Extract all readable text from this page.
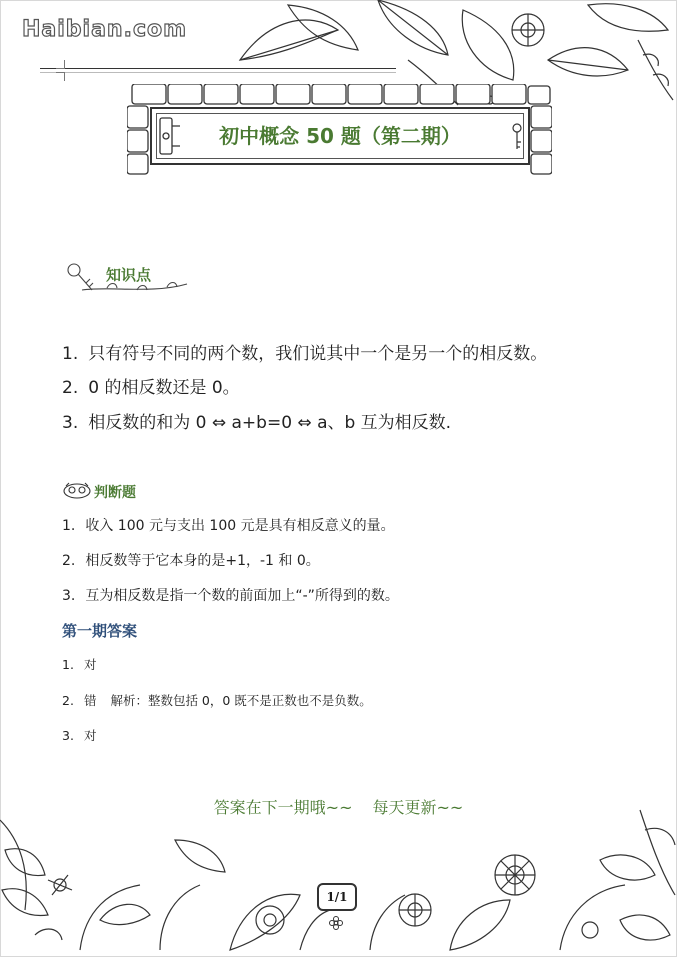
Haibian.com
初中概念 50 题（第二期）
知识点
1. 只有符号不同的两个数，我们说其中一个是另一个的相反数。
2. 0 的相反数还是 0。
3. 相反数的和为 0 ⇔ a+b=0 ⇔ a、b 互为相反数.
判断题
1. 收入 100 元与支出 100 元是具有相反意义的量。
2. 相反数等于它本身的是+1，-1 和 0。
3. 互为相反数是指一个数的前面加上“-”所得到的数。
第一期答案
1. 对
2. 错 解析：整数包括 0，0 既不是正数也不是负数。
3. 对
答案在下一期哦~~ 每天更新~~
1/1
